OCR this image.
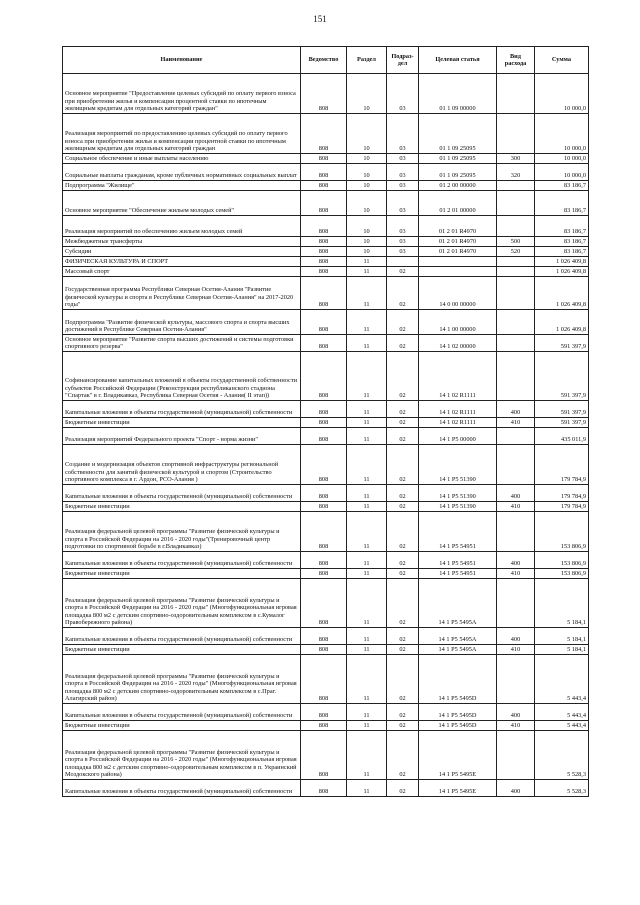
151
Наименование	Ведомство	Раздел	Подраз-дел	Целевая статья	Вид расхода	Сумма
Основное мероприятие "Предоставление целевых субсидий по оплату первого взноса при приобретении жилья и компенсации процентной ставки по ипотечным жилищным кредитам для отдельных категорий граждан"	808	10	03	01 1 09 00000		10 000,0
Реализация мероприятий по предоставлению целевых субсидий по оплату первого взноса при приобретении жилья и компенсации процентной ставки по ипотечным жилищным кредитам для отдельных категорий граждан	808	10	03	01 1 09 25095		10 000,0
Социальное обеспечение и иные выплаты населению	808	10	03	01 1 09 25095	300	10 000,0
Социальные выплаты гражданам, кроме публичных нормативных социальных выплат	808	10	03	01 1 09 25095	320	10 000,0
Подпрограмма "Жилище"	808	10	03	01 2 00 00000		83 186,7
Основное мероприятие "Обеспечение жильем молодых семей"	808	10	03	01 2 01 00000		83 186,7
Реализация мероприятий по обеспечению жильем молодых семей	808	10	03	01 2 01 R4970		83 186,7
Межбюджетные трансферты	808	10	03	01 2 01 R4970	500	83 186,7
Субсидии	808	10	03	01 2 01 R4970	520	83 186,7
ФИЗИЧЕСКАЯ КУЛЬТУРА И СПОРТ	808	11				1 026 409,8
Массовый спорт	808	11	02			1 026 409,8
Государственная программа Республики Северная Осетия-Алания "Развитие физической культуры и спорта в Республике Северная Осетия-Алания" на 2017-2020 годы"	808	11	02	14 0 00 00000		1 026 409,8
Подпрограмма "Развитие физической культуры, массового спорта и спорта высших достижений в Республике Северная Осетия-Алания"	808	11	02	14 1 00 00000		1 026 409,8
Основное мероприятие "Развитие спорта высших достижений и системы подготовки спортивного резерва"	808	11	02	14 1 02 00000		591 397,9
Софинансирование капитальных вложений в объекты государственной собственности субъектов Российской Федерации (Реконструкция республиканского стадиона "Спартак" в г. Владикавказ, Республика Северная Осетия - Алания( II этап))	808	11	02	14 1 02 R1111		591 397,9
Капитальные вложения в объекты государственной (муниципальной) собственности	808	11	02	14 1 02 R1111	400	591 397,9
Бюджетные инвестиции	808	11	02	14 1 02 R1111	410	591 397,9
Реализация мероприятий Федерального проекта "Спорт - норма жизни"	808	11	02	14 1 P5 00000		435 011,9
Создание и модернизация объектов спортивной инфраструктуры региональной собственности для занятий физической культурой и спортом (Строительство спортивного комплекса в г. Ардон, РСО-Алания )	808	11	02	14 1 P5 51390		179 784,9
Капитальные вложения в объекты государственной (муниципальной) собственности	808	11	02	14 1 P5 51390	400	179 784,9
Бюджетные инвестиции	808	11	02	14 1 P5 51390	410	179 784,9
Реализация федеральной целевой программы "Развитие физической культуры и спорта в Российской Федерации на 2016 - 2020 годы"(Тренировочный центр подготовки по спортивной борьбе в г.Владикавказ)	808	11	02	14 1 P5 54951		153 806,9
Капитальные вложения в объекты государственной (муниципальной) собственности	808	11	02	14 1 P5 54951	400	153 806,9
Бюджетные инвестиции	808	11	02	14 1 P5 54951	410	153 806,9
Реализация федеральной целевой программы "Развитие физической культуры и спорта в Российской Федерации на 2016 - 2020 годы" (Многофункциональная игровая площадка 800 м2 с детским спортивно-оздоровительным комплексом в с.Кумалог Правобережного района)	808	11	02	14 1 P5 5495A		5 184,1
Капитальные вложения в объекты государственной (муниципальной) собственности	808	11	02	14 1 P5 5495A	400	5 184,1
Бюджетные инвестиции	808	11	02	14 1 P5 5495A	410	5 184,1
Реализация федеральной целевой программы "Развитие физической культуры и спорта в Российской Федерации на 2016 - 2020 годы" (Многофункциональная игровая площадка 800 м2 с детским спортивно-оздоровительным комплексом в с.Праг. Алагирский район)	808	11	02	14 1 P5 5495D		5 443,4
Капитальные вложения в объекты государственной (муниципальной) собственности	808	11	02	14 1 P5 5495D	400	5 443,4
Бюджетные инвестиции	808	11	02	14 1 P5 5495D	410	5 443,4
Реализация федеральной целевой программы "Развитие физической культуры и спорта в Российской Федерации на 2016 - 2020 годы" (Многофункциональная игровая площадка 800 м2 с детским спортивно-оздоровительным комплексом в п. Украинский Моздокского района)	808	11	02	14 1 P5 5495E		5 528,3
Капитальные вложения в объекты государственной (муниципальной) собственности	808	11	02	14 1 P5 5495E	400	5 528,3
